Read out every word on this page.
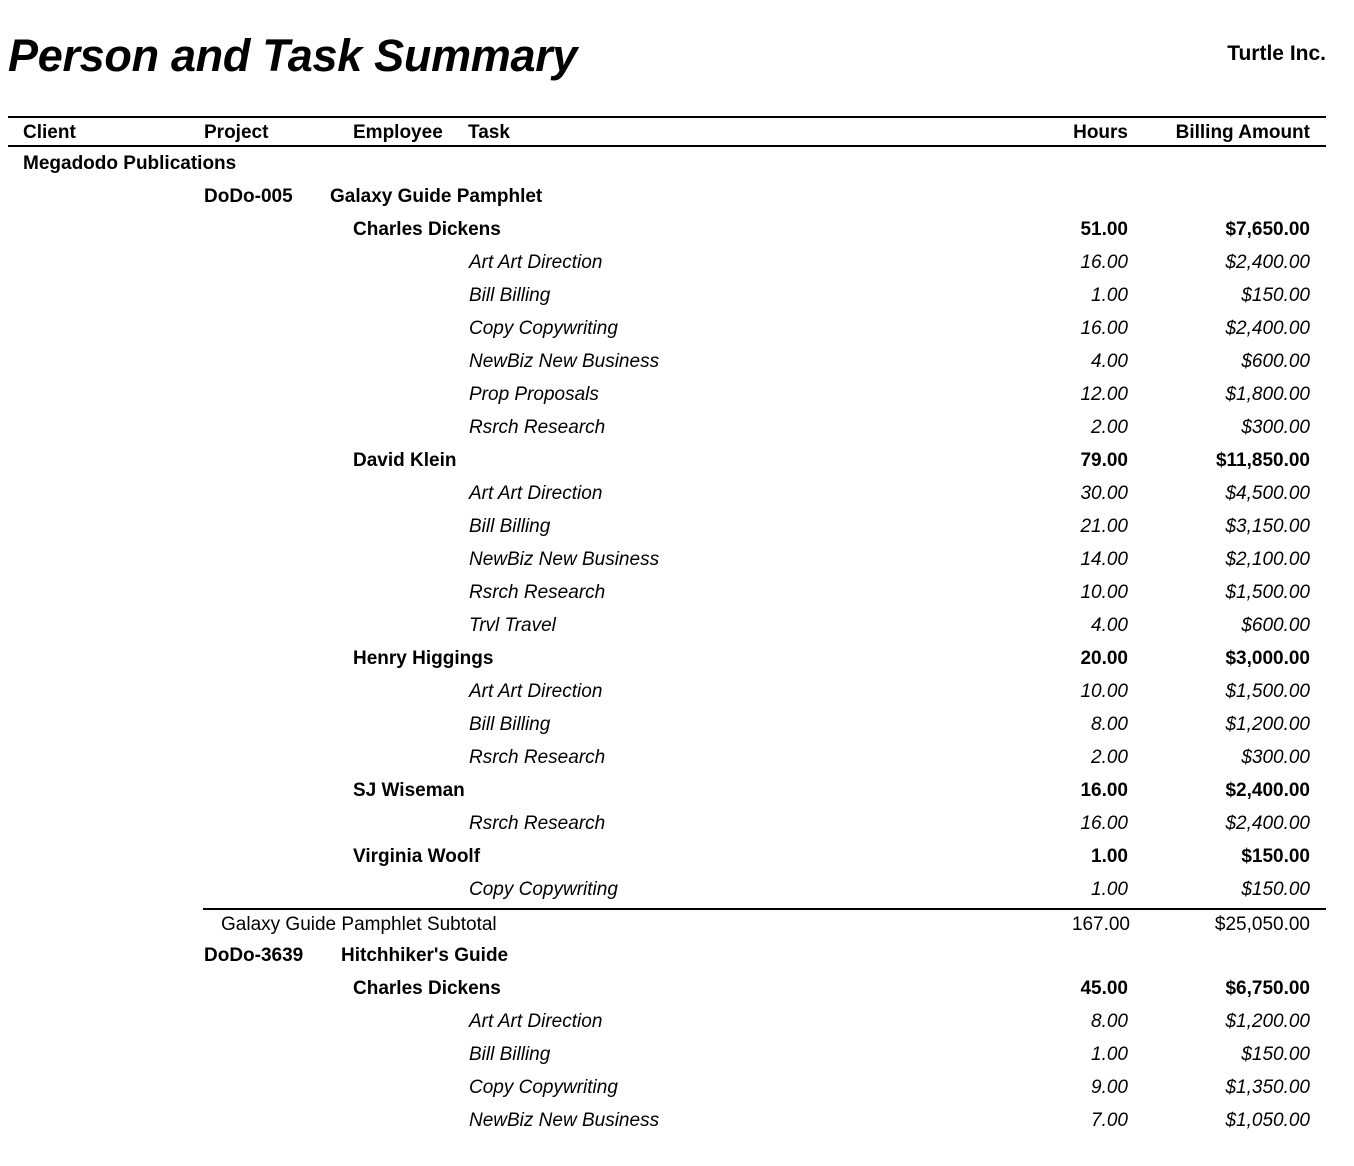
Person and Task Summary	Turtle Inc.
Client	Project	Employee Task	Hours	Billing Amount
Megadodo Publications
DoDo-005 Galaxy Guide Pamphlet
Charles Dickens	51.00	$7,650.00
Art Art Direction	16.00	$2,400.00
Bill Billing	1.00	$150.00
Copy Copywriting	16.00	$2,400.00
NewBiz New Business	4.00	$600.00
Prop Proposals	12.00	$1,800.00
Rsrch Research	2.00	$300.00
David Klein	79.00	$11,850.00
Art Art Direction	30.00	$4,500.00
Bill Billing	21.00	$3,150.00
NewBiz New Business	14.00	$2,100.00
Rsrch Research	10.00	$1,500.00
Trvl Travel	4.00	$600.00
Henry Higgings	20.00	$3,000.00
Art Art Direction	10.00	$1,500.00
Bill Billing	8.00	$1,200.00
Rsrch Research	2.00	$300.00
SJ Wiseman	16.00	$2,400.00
Rsrch Research	16.00	$2,400.00
Virginia Woolf	1.00	$150.00
Copy Copywriting	1.00	$150.00
Galaxy Guide Pamphlet Subtotal	167.00	$25,050.00
DoDo-3639 Hitchhiker's Guide
Charles Dickens	45.00	$6,750.00
Art Art Direction	8.00	$1,200.00
Bill Billing	1.00	$150.00
Copy Copywriting	9.00	$1,350.00
NewBiz New Business	7.00	$1,050.00
